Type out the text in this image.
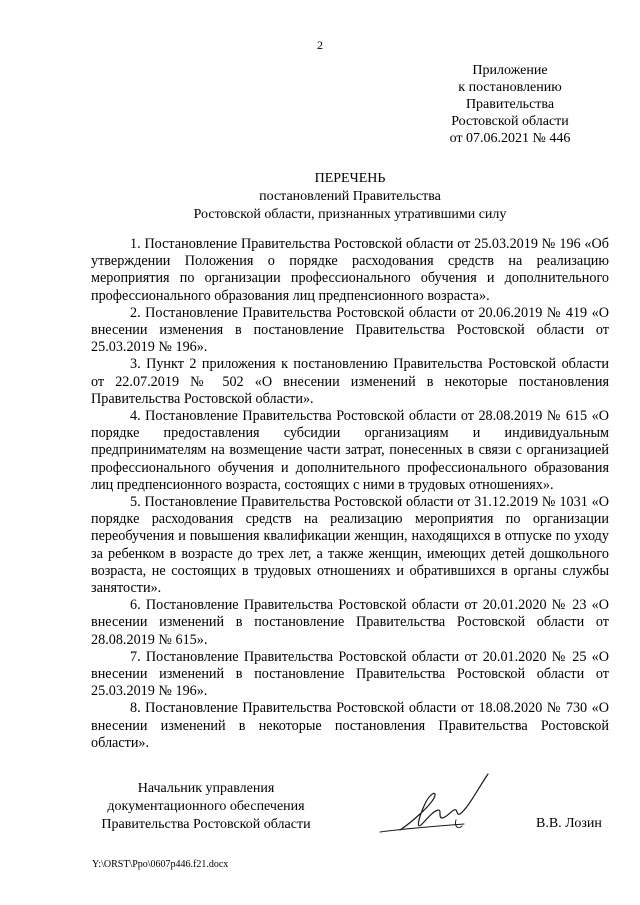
2
Приложение
к постановлению
Правительства
Ростовской области
от 07.06.2021 № 446
ПЕРЕЧЕНЬ
постановлений Правительства
Ростовской области, признанных утратившими силу

1. Постановление Правительства Ростовской области от 25.03.2019 № 196 «Об утверждении Положения о порядке расходования средств на реализацию мероприятия по организации профессионального обучения и дополнительного профессионального образования лиц предпенсионного возраста».

2. Постановление Правительства Ростовской области от 20.06.2019 № 419 «О внесении изменения в постановление Правительства Ростовской области от 25.03.2019 № 196».

3. Пункт 2 приложения к постановлению Правительства Ростовской области от 22.07.2019 № 502 «О внесении изменений в некоторые постановления Правительства Ростовской области».

4. Постановление Правительства Ростовской области от 28.08.2019 № 615 «О порядке предоставления субсидии организациям и индивидуальным предпринимателям на возмещение части затрат, понесенных в связи с организацией профессионального обучения и дополнительного профессионального образования лиц предпенсионного возраста, состоящих с ними в трудовых отношениях».

5. Постановление Правительства Ростовской области от 31.12.2019 № 1031 «О порядке расходования средств на реализацию мероприятия по организации переобучения и повышения квалификации женщин, находящихся в отпуске по уходу за ребенком в возрасте до трех лет, а также женщин, имеющих детей дошкольного возраста, не состоящих в трудовых отношениях и обратившихся в органы службы занятости».

6. Постановление Правительства Ростовской области от 20.01.2020 № 23 «О внесении изменений в постановление Правительства Ростовской области от 28.08.2019 № 615».

7. Постановление Правительства Ростовской области от 20.01.2020 № 25 «О внесении изменений в постановление Правительства Ростовской области от 25.03.2019 № 196».

8. Постановление Правительства Ростовской области от 18.08.2020 № 730 «О внесении изменений в некоторые постановления Правительства Ростовской области».

Начальник управления
документационного обеспечения
Правительства Ростовской области	В.В. Лозин
Y:\ORST\Ppo\0607p446.f21.docx
